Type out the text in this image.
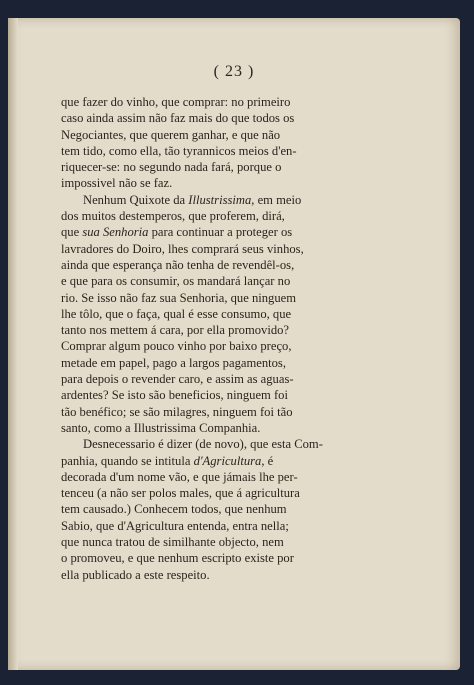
( 23 )
que fazer do vinho, que comprar: no primeiro
caso ainda assim não faz mais do que todos os
Negociantes, que querem ganhar, e que não
tem tido, como ella, tão tyrannicos meios d'en-
riquecer-se: no segundo nada fará, porque o
impossivel não se faz.
Nenhum Quixote da Illustrissima, em meio
dos muitos destemperos, que proferem, dirá,
que sua Senhoria para continuar a proteger os
lavradores do Doiro, lhes comprará seus vinhos,
ainda que esperança não tenha de revendêl-os,
e que para os consumir, os mandará lançar no
rio. Se isso não faz sua Senhoria, que ninguem
lhe tôlo, que o faça, qual é esse consumo, que
tanto nos mettem á cara, por ella promovido?
Comprar algum pouco vinho por baixo preço,
metade em papel, pago a largos pagamentos,
para depois o revender caro, e assim as aguas-
ardentes? Se isto são beneficios, ninguem foi
tão benéfico; se são milagres, ninguem foi tão
santo, como a Illustrissima Companhia.
Desnecessario é dizer (de novo), que esta Com-
panhia, quando se intitula d'Agricultura, é
decorada d'um nome vão, e que jámais lhe per-
tenceu (a não ser polos males, que á agricultura
tem causado.) Conhecem todos, que nenhum
Sabio, que d'Agricultura entenda, entra nella;
que nunca tratou de similhante objecto, nem
o promoveu, e que nenhum escripto existe por
ella publicado a este respeito.
